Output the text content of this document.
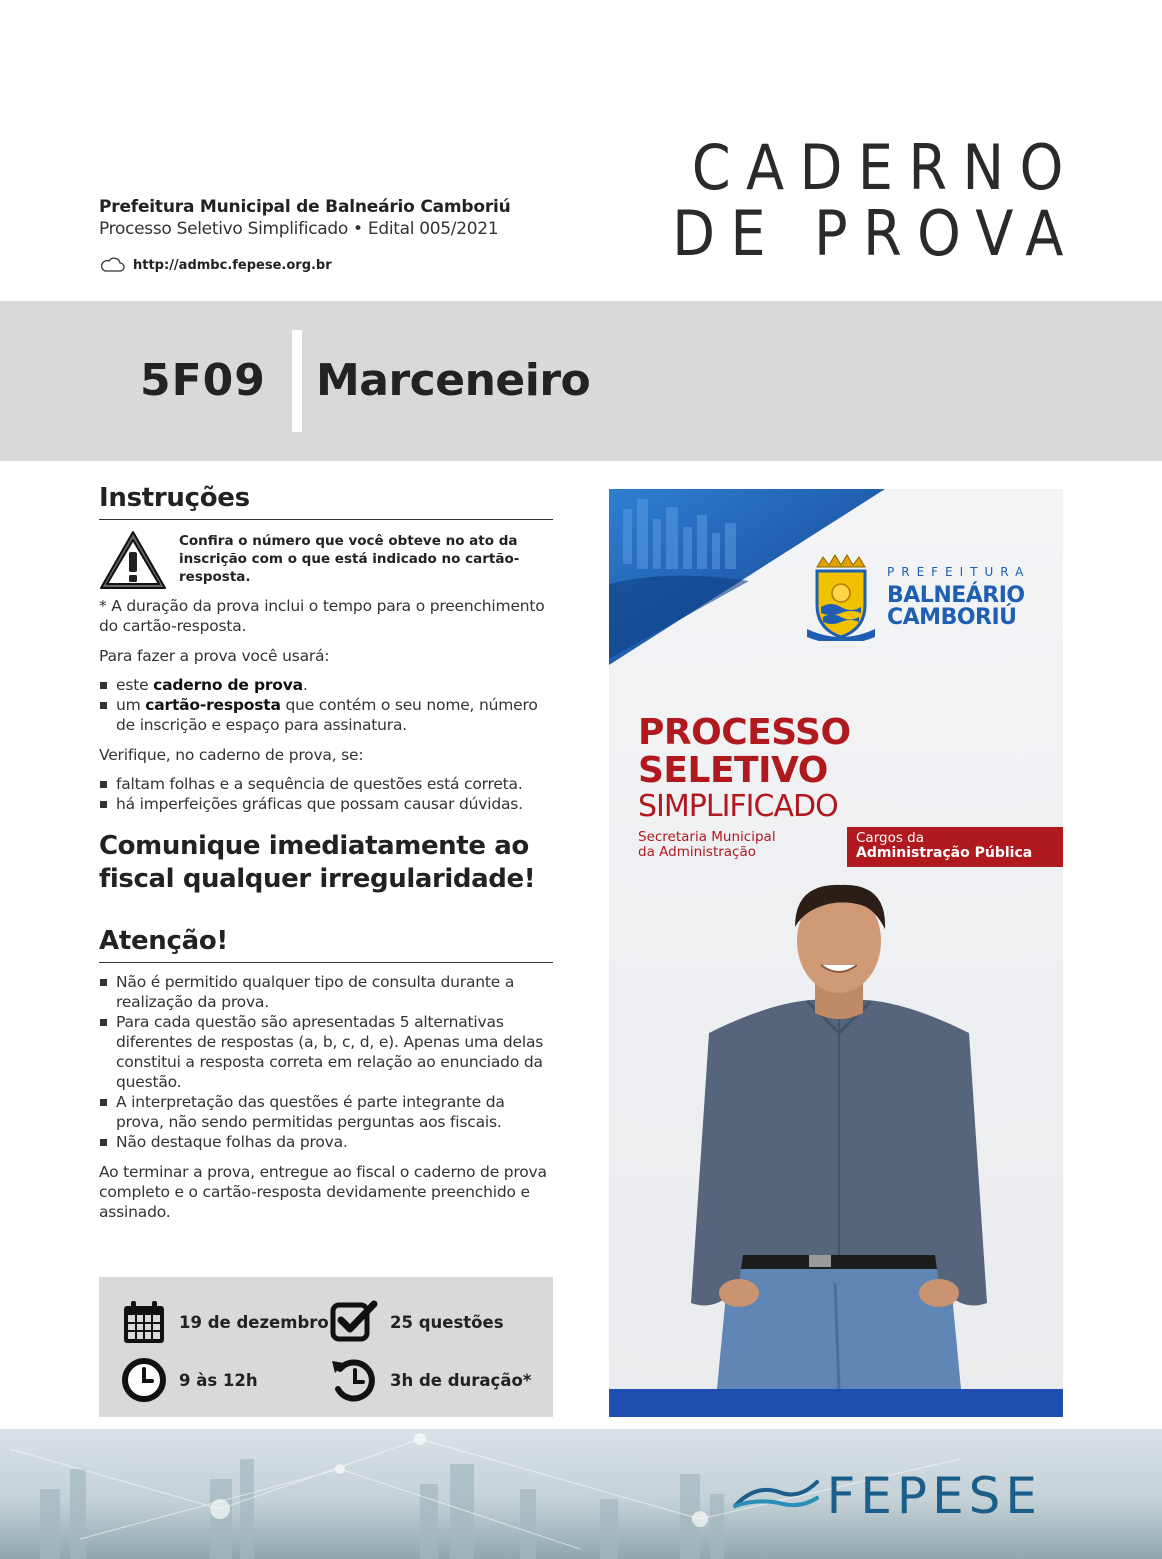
Prefeitura Municipal de Balneário Camboriú
Processo Seletivo Simplificado • Edital 005/2021
http://admbc.fepese.org.br
CADERNO
DE PROVA
5F09 Marceneiro
Instruções
Confira o número que você obteve no ato da inscrição com o que está indicado no cartão-resposta.
* A duração da prova inclui o tempo para o preenchimento do cartão-resposta.
Para fazer a prova você usará:
este caderno de prova.
um cartão-resposta que contém o seu nome, número de inscrição e espaço para assinatura.
Verifique, no caderno de prova, se:
faltam folhas e a sequência de questões está correta.
há imperfeições gráficas que possam causar dúvidas.
Comunique imediatamente ao fiscal qualquer irregularidade!
Atenção!
Não é permitido qualquer tipo de consulta durante a realização da prova.
Para cada questão são apresentadas 5 alternativas diferentes de respostas (a, b, c, d, e). Apenas uma delas constitui a resposta correta em relação ao enunciado da questão.
A interpretação das questões é parte integrante da prova, não sendo permitidas perguntas aos fiscais.
Não destaque folhas da prova.
Ao terminar a prova, entregue ao fiscal o caderno de prova completo e o cartão-resposta devidamente preenchido e assinado.
19 de dezembro	25 questões
9 às 12h	3h de duração*
PREFEITURA
BALNEÁRIO
CAMBORIÚ
PROCESSO
SELETIVO
SIMPLIFICADO
Secretaria Municipal
da Administração
Cargos da
Administração Pública
FEPESE
